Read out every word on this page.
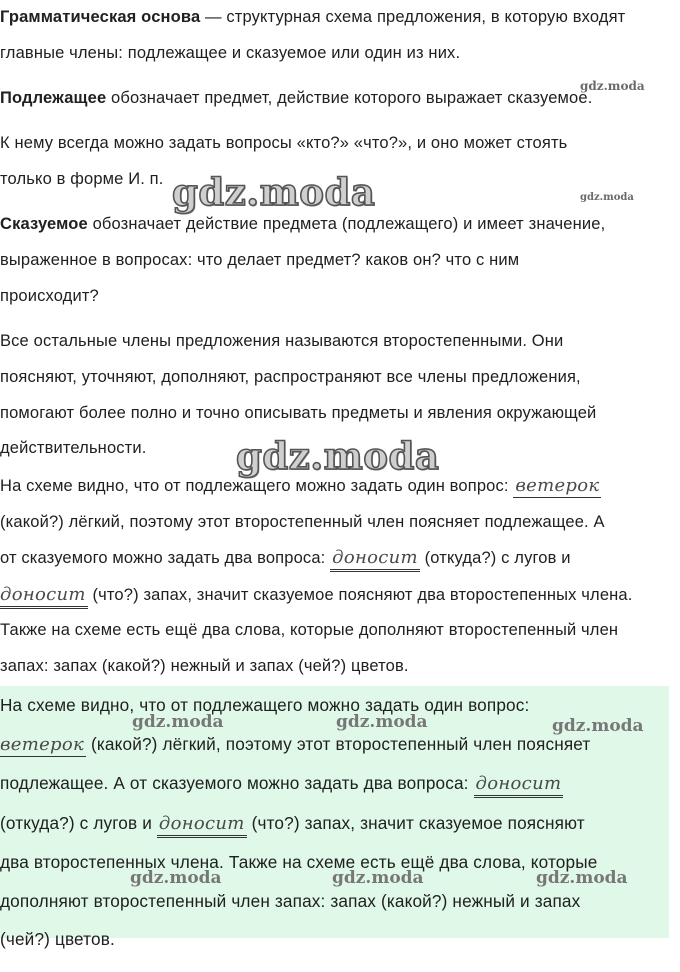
Грамматическая основа — структурная схема предложения, в которую входят
главные члены: подлежащее и сказуемое или один из них.

Подлежащее обозначает предмет, действие которого выражает сказуемое.

К нему всегда можно задать вопросы «кто?» «что?», и оно может стоять
только в форме И. п.

Сказуемое обозначает действие предмета (подлежащего) и имеет значение,
выраженное в вопросах: что делает предмет? каков он? что с ним
происходит?

Все остальные члены предложения называются второстепенными. Они
поясняют, уточняют, дополняют, распространяют все члены предложения,
помогают более полно и точно описывать предметы и явления окружающей
действительности.

На схеме видно, что от подлежащего можно задать один вопрос: ветерок
(какой?) лёгкий, поэтому этот второстепенный член поясняет подлежащее. А
от сказуемого можно задать два вопроса: доносит (откуда?) с лугов и
доносит (что?) запах, значит сказуемое поясняют два второстепенных члена.
Также на схеме есть ещё два слова, которые дополняют второстепенный член
запах: запах (какой?) нежный и запах (чей?) цветов.

На схеме видно, что от подлежащего можно задать один вопрос:
ветерок (какой?) лёгкий, поэтому этот второстепенный член поясняет
подлежащее. А от сказуемого можно задать два вопроса: доносит
(откуда?) с лугов и доносит (что?) запах, значит сказуемое поясняют
два второстепенных члена. Также на схеме есть ещё два слова, которые
дополняют второстепенный член запах: запах (какой?) нежный и запах
(чей?) цветов.

gdz.moda
gdz.moda
gdz.moda
gdz.moda
gdz.moda	gdz.moda	gdz.moda
gdz.moda	gdz.moda	gdz.moda
